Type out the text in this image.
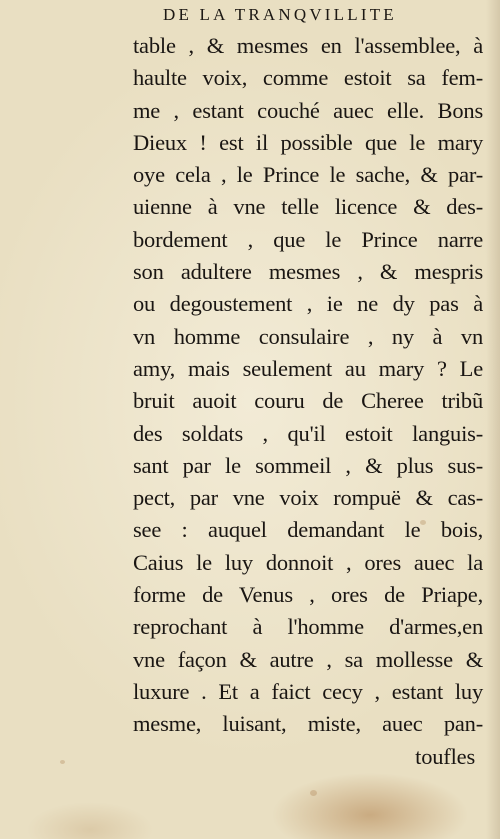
DE LA TRANQVILLITE
table , & mesmes en l'assemblee, à
haulte voix, comme estoit sa fem-
me , estant couché auec elle. Bons
Dieux ! est il possible que le mary
oye cela , le Prince le sache, & par-
uienne à vne telle licence & des-
bordement , que le Prince narre
son adultere mesmes , & mespris
ou degoustement , ie ne dy pas à
vn homme consulaire , ny à vn
amy, mais seulement au mary ? Le
bruit auoit couru de Cheree tribũ
des soldats , qu'il estoit languis-
sant par le sommeil , & plus sus-
pect, par vne voix rompuë & cas-
see : auquel demandant le bois,
Caius le luy donnoit , ores auec la
forme de Venus , ores de Priape,
reprochant à l'homme d'armes,en
vne façon & autre , sa mollesse &
luxure . Et a faict cecy , estant luy
mesme, luisant, miste, auec pan-
toufles
